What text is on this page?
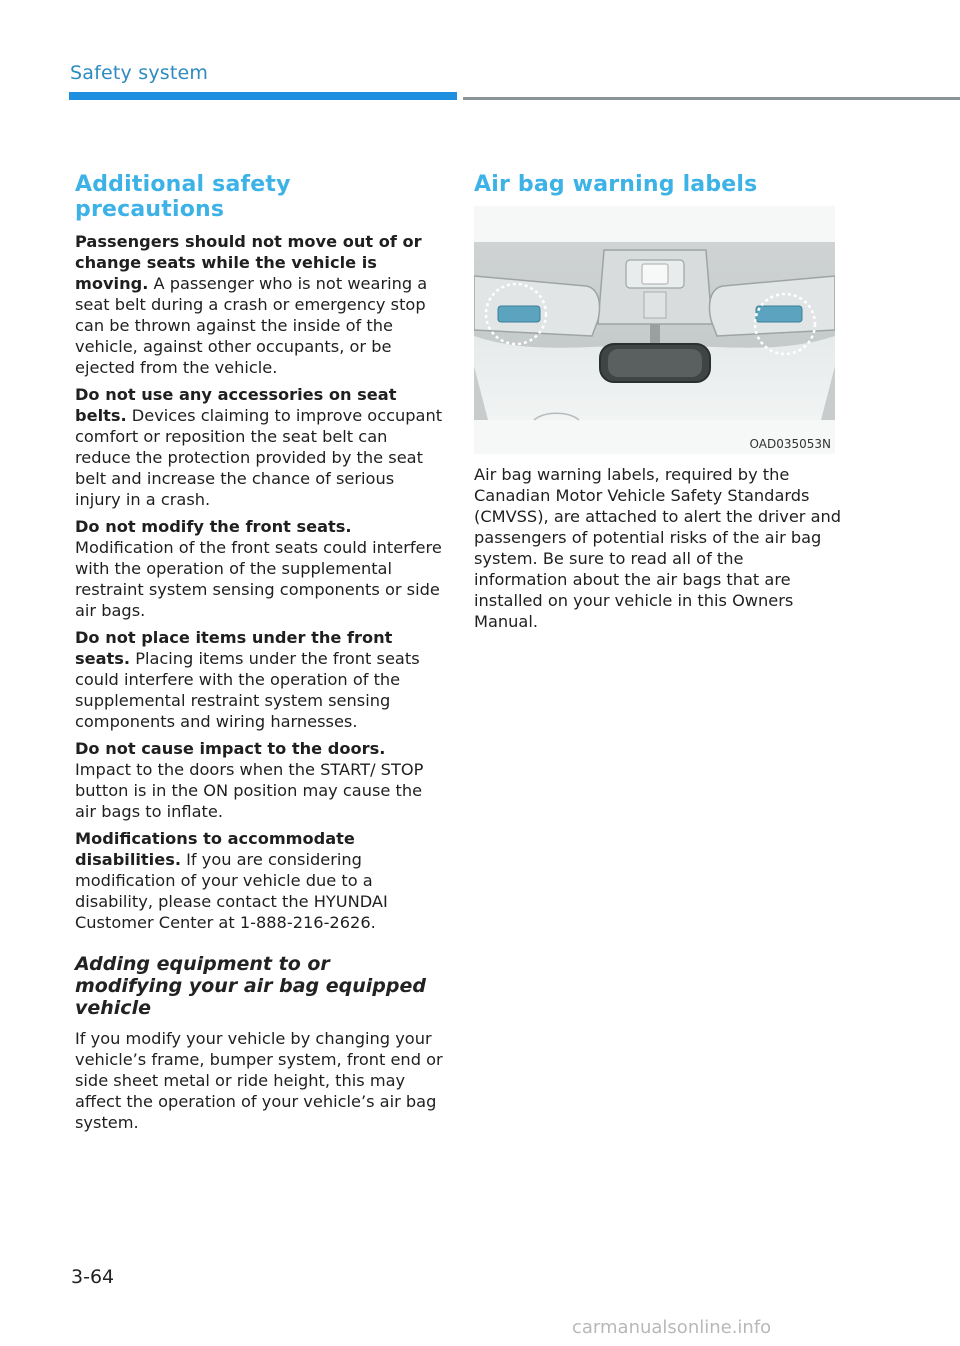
Safety system
Additional safety precautions

Passengers should not move out of or change seats while the vehicle is moving. A passenger who is not wearing a seat belt during a crash or emergency stop can be thrown against the inside of the vehicle, against other occupants, or be ejected from the vehicle.

Do not use any accessories on seat belts. Devices claiming to improve occupant comfort or reposition the seat belt can reduce the protection provided by the seat belt and increase the chance of serious injury in a crash.

Do not modify the front seats. Modification of the front seats could interfere with the operation of the supplemental restraint system sensing components or side air bags.

Do not place items under the front seats. Placing items under the front seats could interfere with the operation of the supplemental restraint system sensing components and wiring harnesses.

Do not cause impact to the doors. Impact to the doors when the START/ STOP button is in the ON position may cause the air bags to inflate.

Modifications to accommodate disabilities. If you are considering modification of your vehicle due to a disability, please contact the HYUNDAI Customer Center at 1-888-216-2626.

Adding equipment to or modifying your air bag equipped vehicle

If you modify your vehicle by changing your vehicle’s frame, bumper system, front end or side sheet metal or ride height, this may affect the operation of your vehicle’s air bag system.

Air bag warning labels
OAD035053N

Air bag warning labels, required by the Canadian Motor Vehicle Safety Standards (CMVSS), are attached to alert the driver and passengers of potential risks of the air bag system. Be sure to read all of the information about the air bags that are installed on your vehicle in this Owners Manual.

3-64
carmanualsonline.info
